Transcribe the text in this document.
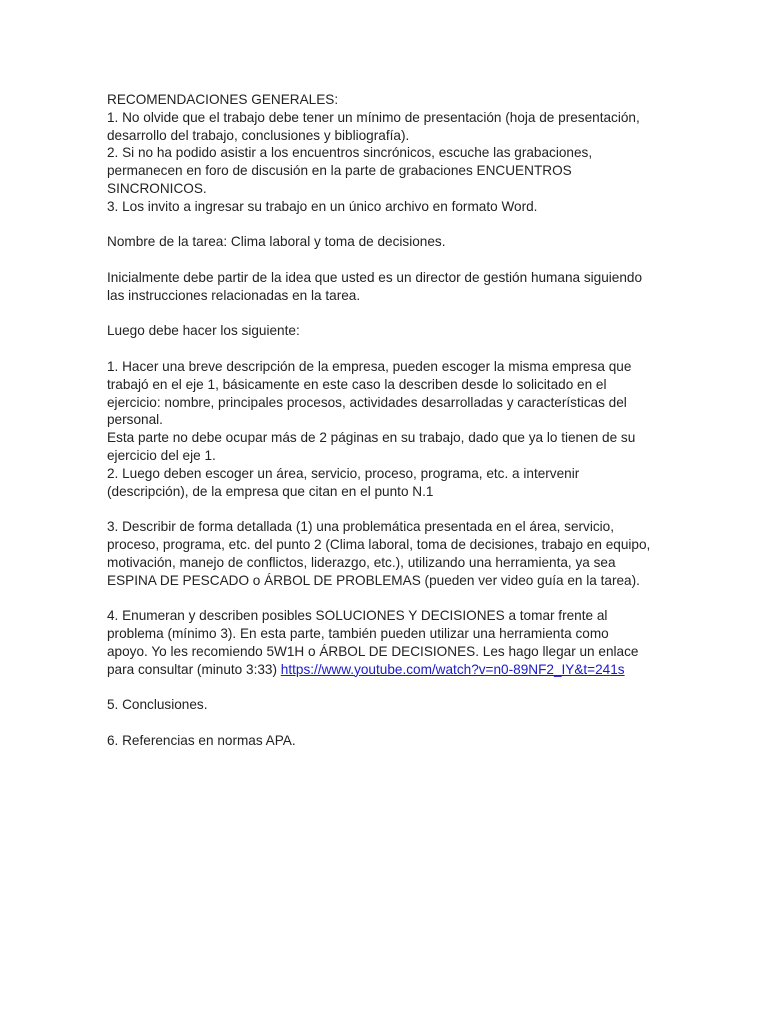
RECOMENDACIONES GENERALES:
1. No olvide que el trabajo debe tener un mínimo de presentación (hoja de presentación,
desarrollo del trabajo, conclusiones y bibliografía).
2. Si no ha podido asistir a los encuentros sincrónicos, escuche las grabaciones,
permanecen en foro de discusión en la parte de grabaciones ENCUENTROS
SINCRONICOS.
3. Los invito a ingresar su trabajo en un único archivo en formato Word.
Nombre de la tarea: Clima laboral y toma de decisiones.
Inicialmente debe partir de la idea que usted es un director de gestión humana siguiendo
las instrucciones relacionadas en la tarea.
Luego debe hacer los siguiente:
1. Hacer una breve descripción de la empresa, pueden escoger la misma empresa que
trabajó en el eje 1, básicamente en este caso la describen desde lo solicitado en el
ejercicio: nombre, principales procesos, actividades desarrolladas y características del
personal.
Esta parte no debe ocupar más de 2 páginas en su trabajo, dado que ya lo tienen de su
ejercicio del eje 1.
2. Luego deben escoger un área, servicio, proceso, programa, etc. a intervenir
(descripción), de la empresa que citan en el punto N.1
3. Describir de forma detallada (1) una problemática presentada en el área, servicio,
proceso, programa, etc. del punto 2 (Clima laboral, toma de decisiones, trabajo en equipo,
motivación, manejo de conflictos, liderazgo, etc.), utilizando una herramienta, ya sea
ESPINA DE PESCADO o ÁRBOL DE PROBLEMAS (pueden ver video guía en la tarea).
4. Enumeran y describen posibles SOLUCIONES Y DECISIONES a tomar frente al
problema (mínimo 3). En esta parte, también pueden utilizar una herramienta como
apoyo. Yo les recomiendo 5W1H o ÁRBOL DE DECISIONES. Les hago llegar un enlace
para consultar (minuto 3:33) https://www.youtube.com/watch?v=n0-89NF2_IY&t=241s
5. Conclusiones.
6. Referencias en normas APA.
